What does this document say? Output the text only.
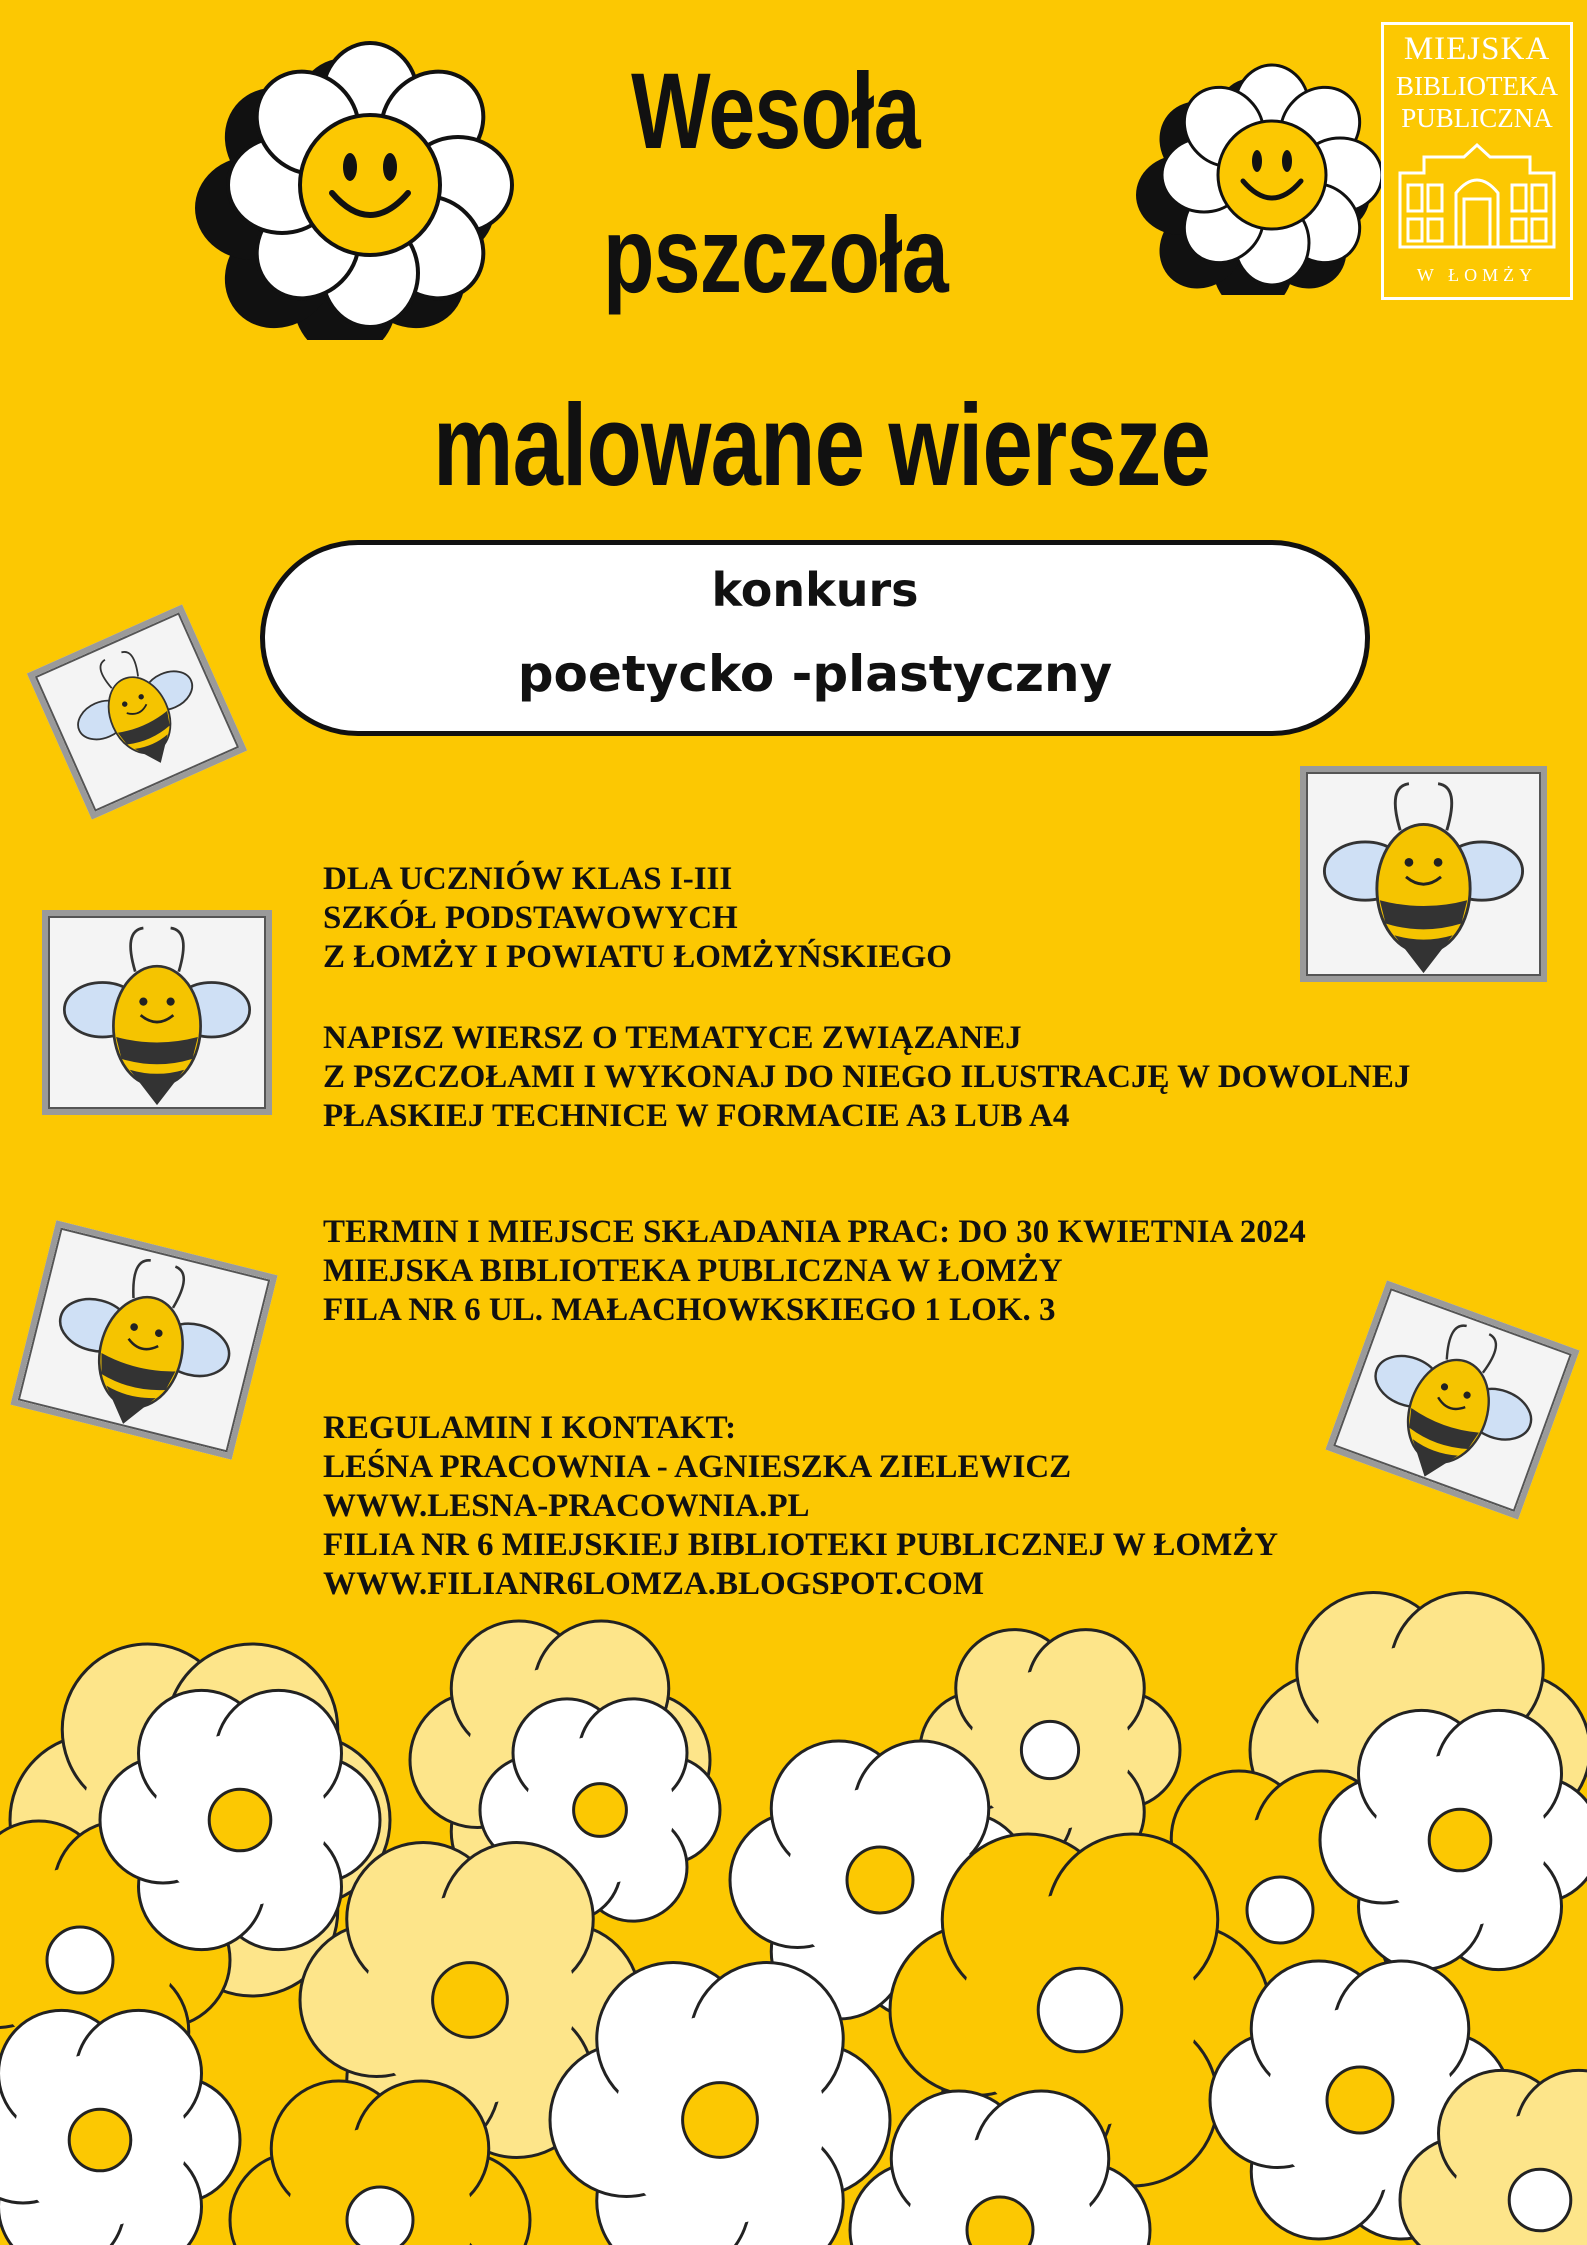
MIEJSKA
BIBLIOTEKA
PUBLICZNA
W ŁOMŻY
Wesoła
pszczoła
malowane wiersze
konkurs
poetycko -plastyczny
DLA UCZNIÓW KLAS I-III
SZKÓŁ PODSTAWOWYCH
Z ŁOMŻY I POWIATU ŁOMŻYŃSKIEGO
NAPISZ WIERSZ O TEMATYCE ZWIĄZANEJ
Z PSZCZOŁAMI I WYKONAJ DO NIEGO ILUSTRACJĘ W DOWOLNEJ
PŁASKIEJ TECHNICE W FORMACIE A3 LUB A4
TERMIN I MIEJSCE SKŁADANIA PRAC: DO 30 KWIETNIA 2024
MIEJSKA BIBLIOTEKA PUBLICZNA W ŁOMŻY
FILA NR 6 UL. MAŁACHOWKSKIEGO 1 LOK. 3
REGULAMIN I KONTAKT:
LEŚNA PRACOWNIA - AGNIESZKA ZIELEWICZ
WWW.LESNA-PRACOWNIA.PL
FILIA NR 6 MIEJSKIEJ BIBLIOTEKI PUBLICZNEJ W ŁOMŻY
WWW.FILIANR6LOMZA.BLOGSPOT.COM
